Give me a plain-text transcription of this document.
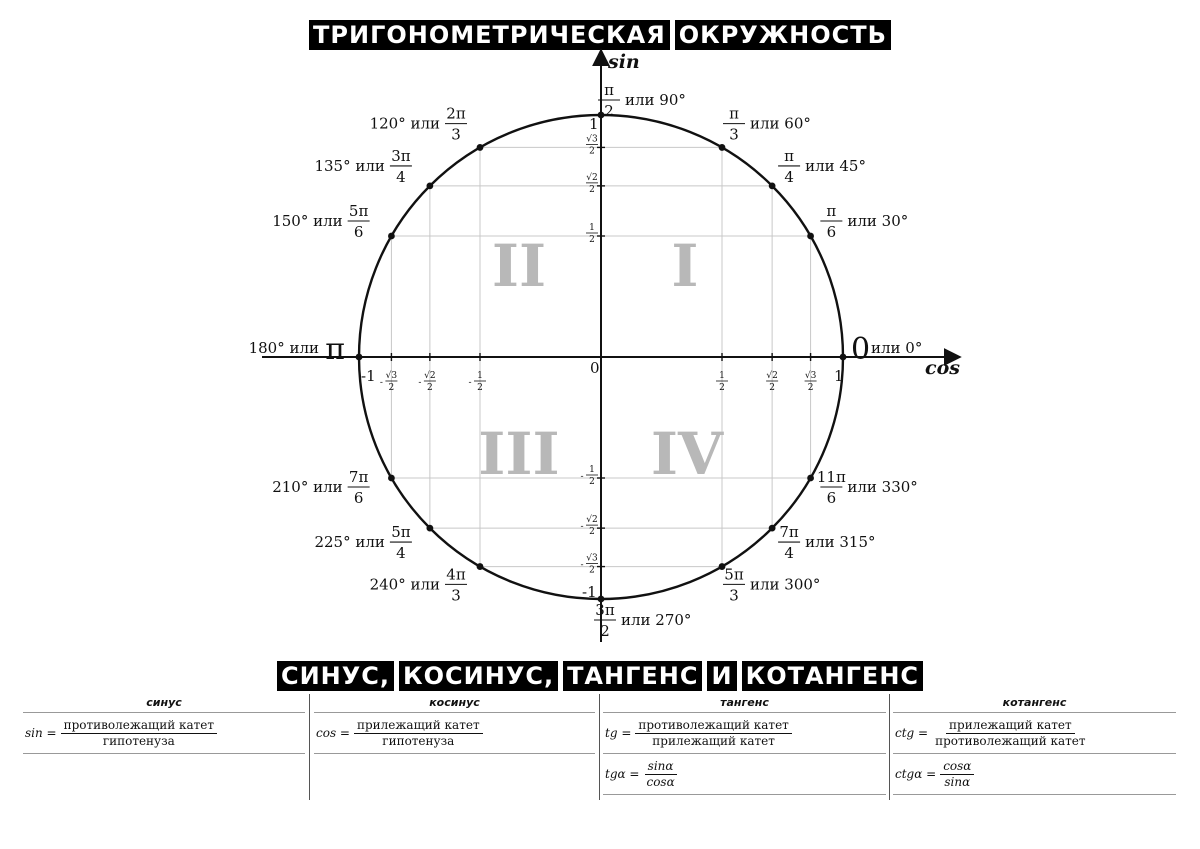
ТРИГОНОМЕТРИЧЕСКАЯ ОКРУЖНОСТЬ
1
2
1
2
-
1
2
1
2
-
√2
2
√2
2
-
√2
2
√2
2
-
√3
2
√3
2
-
√3
2
√3
2
-
0 или 0°
π
6
или 30°
π
4
или 45°
π
3
или 60°
π
2
или 90°
2π
3
120° или
3π
4
135° или
5π
6
150° или
π
180° или
7π
6
210° или
5π
4
225° или
4π
3
240° или
3π
2
или 270°
5π
3
или 300°
7π
4
или 315°
11π
6
или 330°
I
II
III IV
sin
cos
0
-1	1
1
-1
СИНУС, КОСИНУС, ТАНГЕНС И КОТАНГЕНС
синус
$\sin = \frac{\text{противолежащий катет}}{\text{гипотенуза}}$
косинус
$\cos = \frac{\text{прилежащий катет}}{\text{гипотенуза}}$
тангенс
tg = $\frac{\text{противолежащий катет}}{\text{прилежащий катет}}$
$tg\alpha = \frac{\sin\alpha}{\cos\alpha}$
котангенс
ctg = $\frac{\text{прилежащий катет}}{\text{противолежащий катет}}$
$ctg\alpha = \frac{\cos\alpha}{\sin\alpha}$
